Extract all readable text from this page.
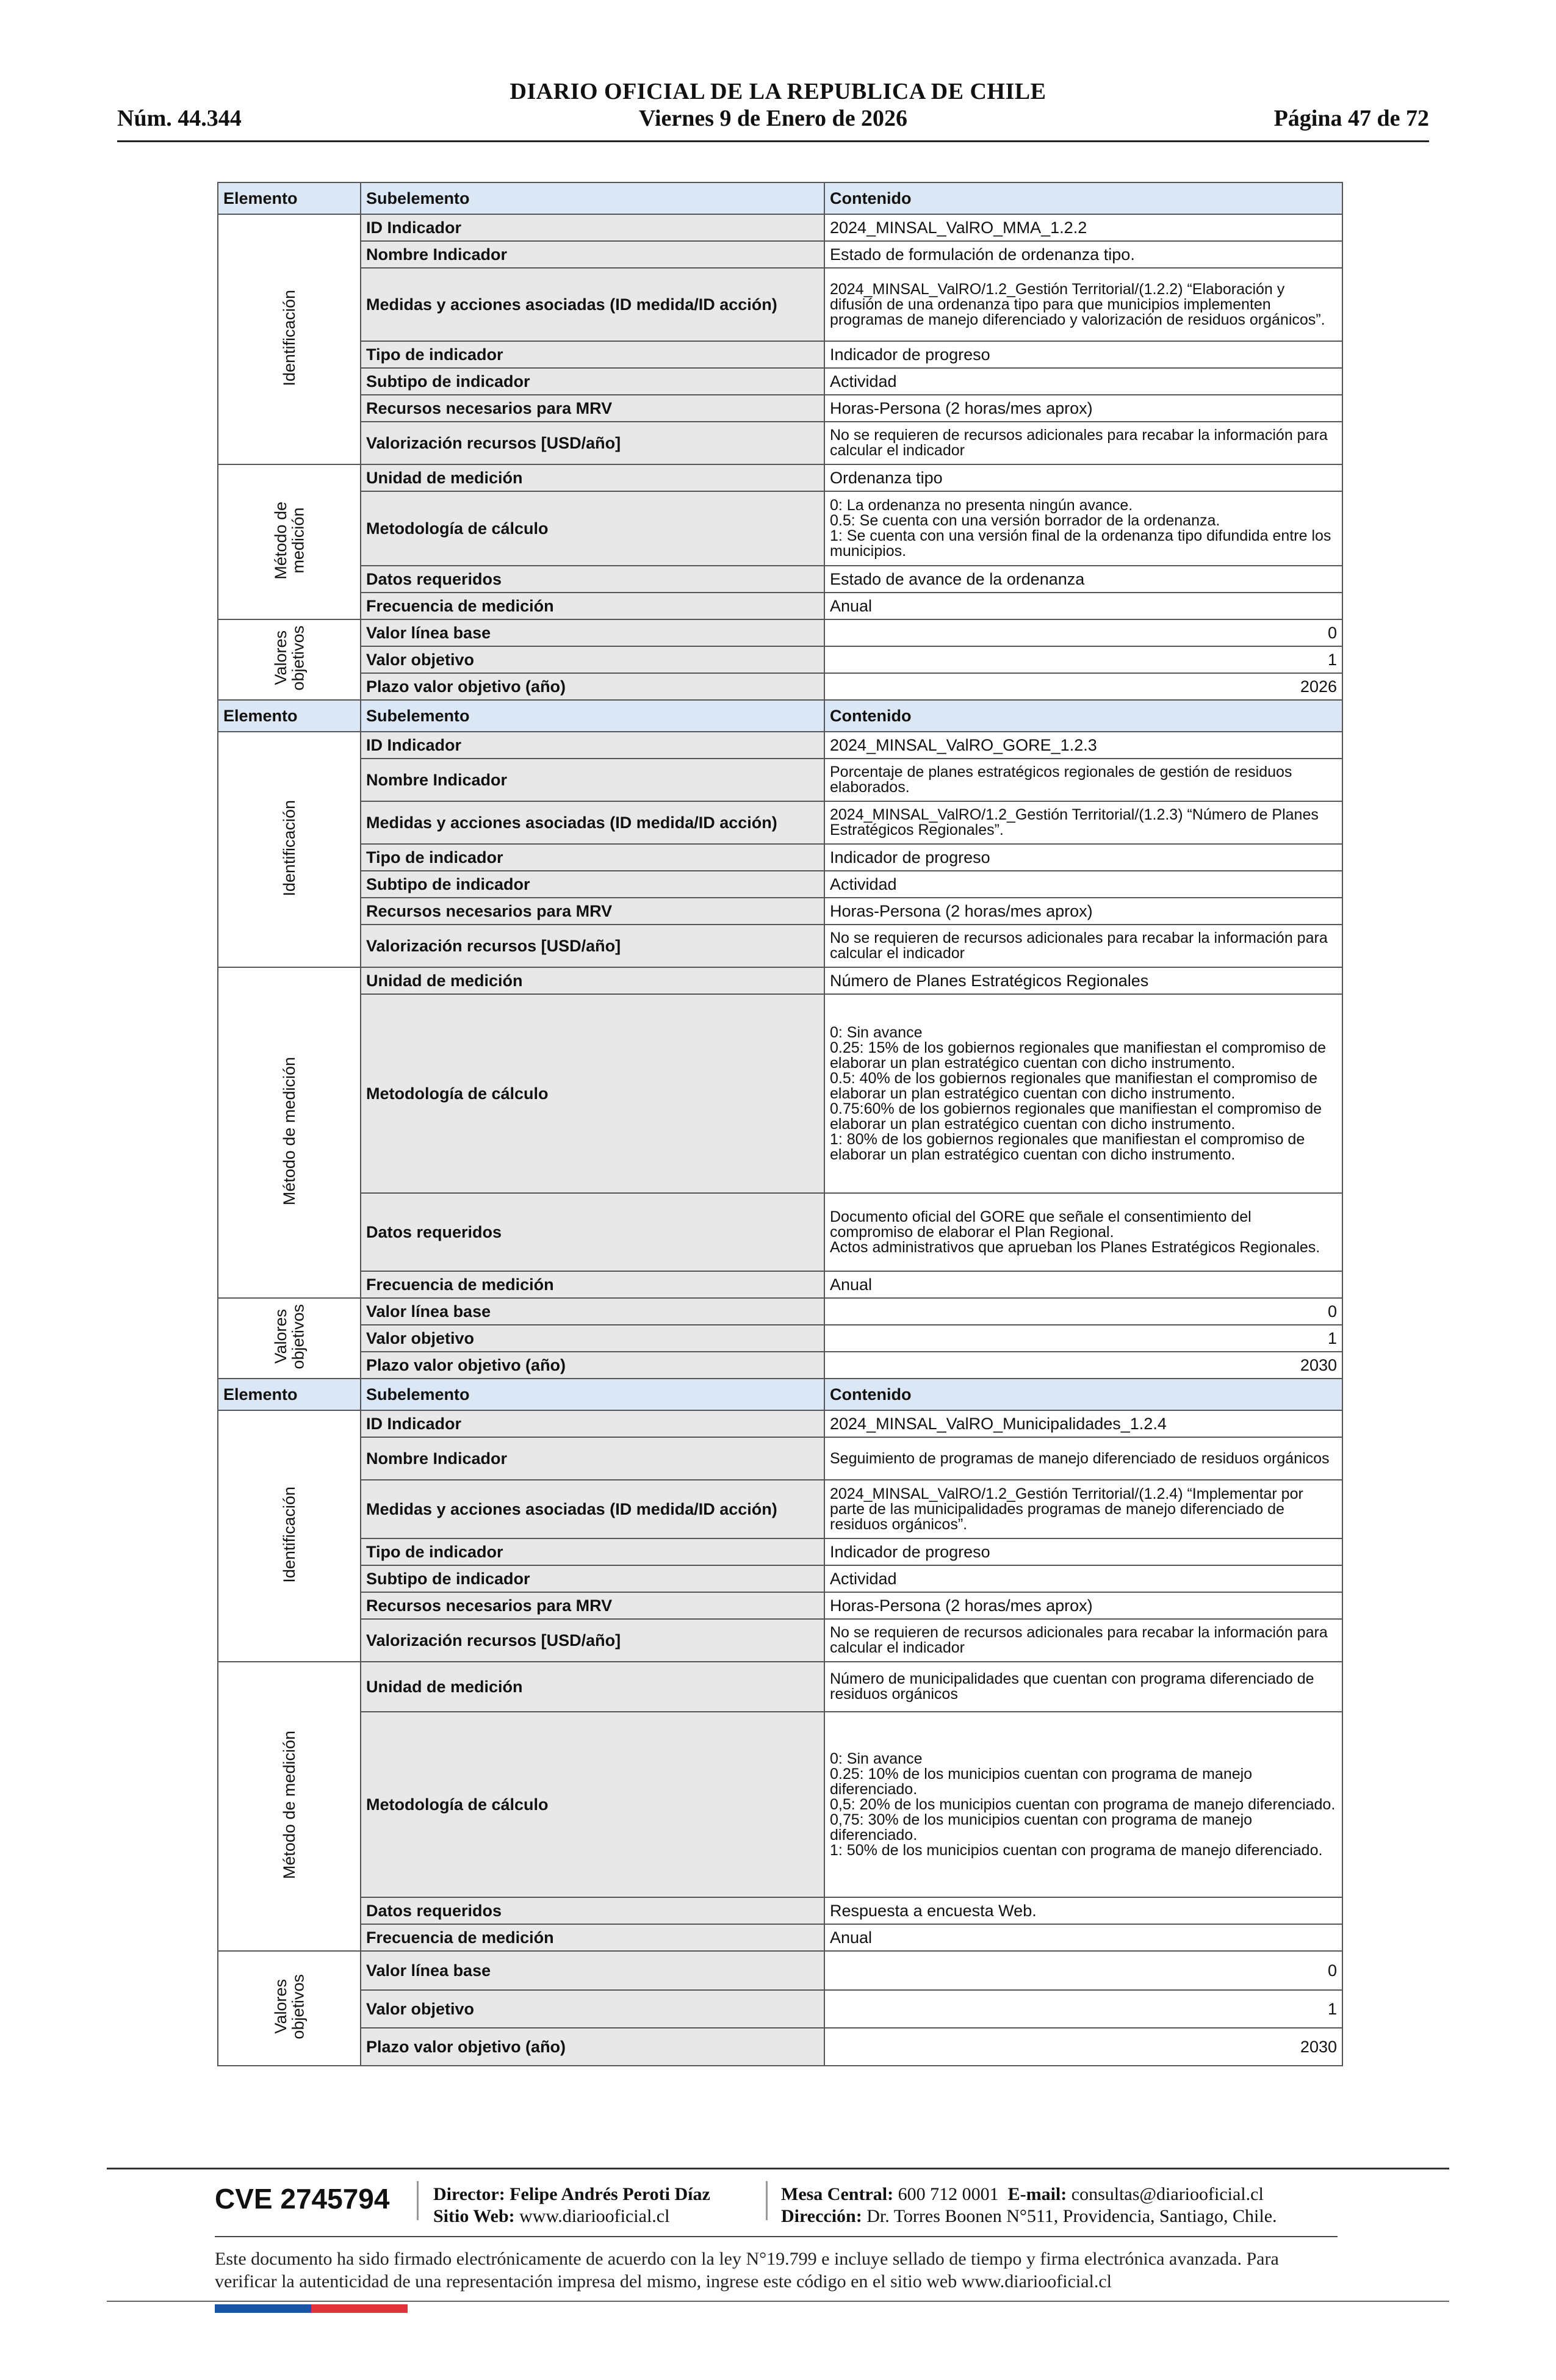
DIARIO OFICIAL DE LA REPUBLICA DE CHILE
Núm. 44.344	Viernes 9 de Enero de 2026	Página 47 de 72
Elemento	Subelemento	Contenido
Identificación	ID Indicador	2024_MINSAL_ValRO_MMA_1.2.2
	Nombre Indicador	Estado de formulación de ordenanza tipo.
	Medidas y acciones asociadas (ID medida/ID acción)	2024_MINSAL_ValRO/1.2_Gestión Territorial/(1.2.2) “Elaboración y difusión de una ordenanza tipo para que municipios implementen programas de manejo diferenciado y valorización de residuos orgánicos”.
	Tipo de indicador	Indicador de progreso
	Subtipo de indicador	Actividad
	Recursos necesarios para MRV	Horas-Persona (2 horas/mes aprox)
	Valorización recursos [USD/año]	No se requieren de recursos adicionales para recabar la información para calcular el indicador
Método de
medición	Unidad de medición	Ordenanza tipo
	Metodología de cálculo	0: La ordenanza no presenta ningún avance.
0.5: Se cuenta con una versión borrador de la ordenanza.
1: Se cuenta con una versión final de la ordenanza tipo difundida entre los municipios.
	Datos requeridos	Estado de avance de la ordenanza
	Frecuencia de medición	Anual
Valores
objetivos	Valor línea base	0
	Valor objetivo	1
	Plazo valor objetivo (año)	2026
Elemento	Subelemento	Contenido
Identificación	ID Indicador	2024_MINSAL_ValRO_GORE_1.2.3
	Nombre Indicador	Porcentaje de planes estratégicos regionales de gestión de residuos elaborados.
	Medidas y acciones asociadas (ID medida/ID acción)	2024_MINSAL_ValRO/1.2_Gestión Territorial/(1.2.3) “Número de Planes Estratégicos Regionales”.
	Tipo de indicador	Indicador de progreso
	Subtipo de indicador	Actividad
	Recursos necesarios para MRV	Horas-Persona (2 horas/mes aprox)
	Valorización recursos [USD/año]	No se requieren de recursos adicionales para recabar la información para calcular el indicador
Método de medición	Unidad de medición	Número de Planes Estratégicos Regionales
	Metodología de cálculo	0: Sin avance
0.25: 15% de los gobiernos regionales que manifiestan el compromiso de elaborar un plan estratégico cuentan con dicho instrumento.
0.5: 40% de los gobiernos regionales que manifiestan el compromiso de elaborar un plan estratégico cuentan con dicho instrumento.
0.75:60% de los gobiernos regionales que manifiestan el compromiso de elaborar un plan estratégico cuentan con dicho instrumento.
1: 80% de los gobiernos regionales que manifiestan el compromiso de elaborar un plan estratégico cuentan con dicho instrumento.
	Datos requeridos	Documento oficial del GORE que señale el consentimiento del compromiso de elaborar el Plan Regional.
Actos administrativos que aprueban los Planes Estratégicos Regionales.
	Frecuencia de medición	Anual
Valores
objetivos	Valor línea base	0
	Valor objetivo	1
	Plazo valor objetivo (año)	2030
Elemento	Subelemento	Contenido
Identificación	ID Indicador	2024_MINSAL_ValRO_Municipalidades_1.2.4
	Nombre Indicador	Seguimiento de programas de manejo diferenciado de residuos orgánicos
	Medidas y acciones asociadas (ID medida/ID acción)	2024_MINSAL_ValRO/1.2_Gestión Territorial/(1.2.4) “Implementar por parte de las municipalidades programas de manejo diferenciado de residuos orgánicos”.
	Tipo de indicador	Indicador de progreso
	Subtipo de indicador	Actividad
	Recursos necesarios para MRV	Horas-Persona (2 horas/mes aprox)
	Valorización recursos [USD/año]	No se requieren de recursos adicionales para recabar la información para calcular el indicador
Método de medición	Unidad de medición	Número de municipalidades que cuentan con programa diferenciado de residuos orgánicos
	Metodología de cálculo	0: Sin avance
0.25: 10% de los municipios cuentan con programa de manejo diferenciado.
0,5: 20% de los municipios cuentan con programa de manejo diferenciado.
0,75: 30% de los municipios cuentan con programa de manejo diferenciado.
1: 50% de los municipios cuentan con programa de manejo diferenciado.
	Datos requeridos	Respuesta a encuesta Web.
	Frecuencia de medición	Anual
Valores
objetivos	Valor línea base	0
	Valor objetivo	1
	Plazo valor objetivo (año)	2030
CVE 2745794 Director: Felipe Andrés Peroti Díaz
Sitio Web: www.diariooficial.cl
Mesa Central: 600 712 0001 E-mail: consultas@diariooficial.cl
Dirección: Dr. Torres Boonen N°511, Providencia, Santiago, Chile.
Este documento ha sido firmado electrónicamente de acuerdo con la ley N°19.799 e incluye sellado de tiempo y firma electrónica avanzada. Para verificar la autenticidad de una representación impresa del mismo, ingrese este código en el sitio web www.diariooficial.cl
